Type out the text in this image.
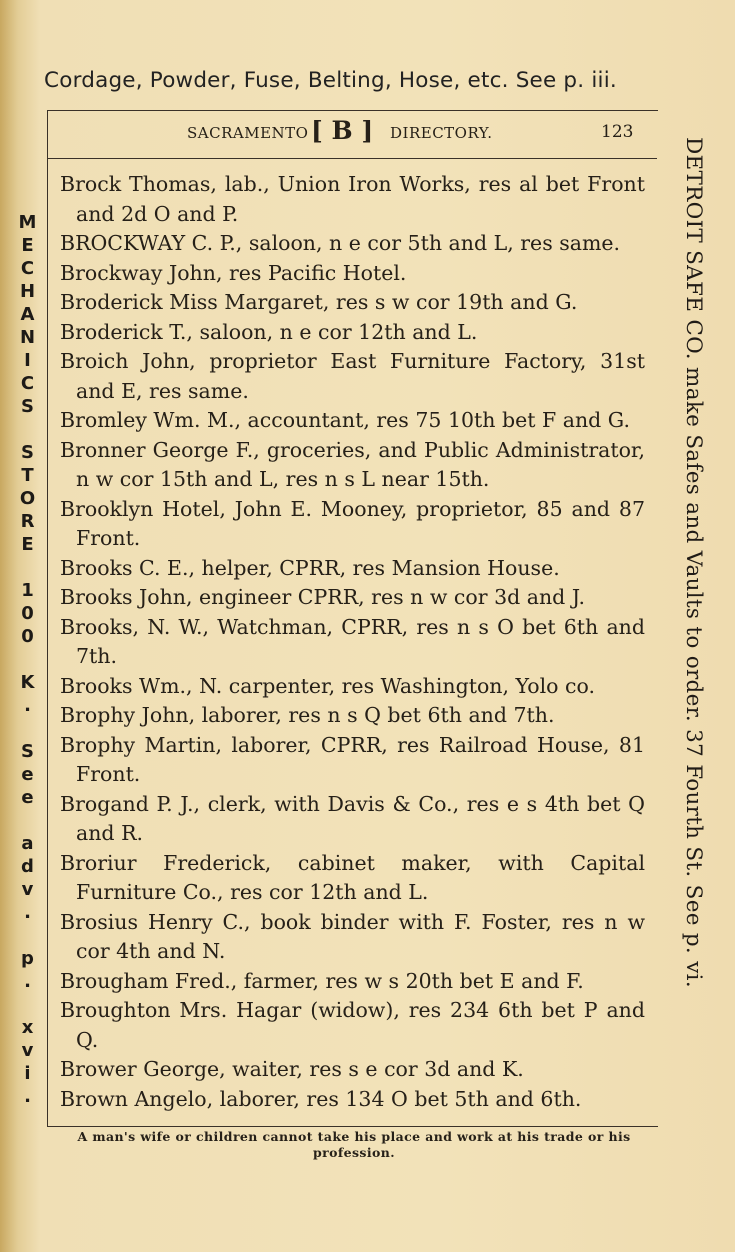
Cordage, Powder, Fuse, Belting, Hose, etc. See p. iii.
SACRAMENTO [ B ] DIRECTORY.	123
Brock Thomas, lab., Union Iron Works, res al bet Front and 2d O and P.
BROCKWAY C. P., saloon, n e cor 5th and L, res same.
Brockway John, res Pacific Hotel.
Broderick Miss Margaret, res s w cor 19th and G.
Broderick T., saloon, n e cor 12th and L.
Broich John, proprietor East Furniture Factory, 31st and E, res same.
Bromley Wm. M., accountant, res 75 10th bet F and G.
Bronner George F., groceries, and Public Administrator, n w cor 15th and L, res n s L near 15th.
Brooklyn Hotel, John E. Mooney, proprietor, 85 and 87 Front.
Brooks C. E., helper, CPRR, res Mansion House.
Brooks John, engineer CPRR, res n w cor 3d and J.
Brooks, N. W., Watchman, CPRR, res n s O bet 6th and 7th.
Brooks Wm., N. carpenter, res Washington, Yolo co.
Brophy John, laborer, res n s Q bet 6th and 7th.
Brophy Martin, laborer, CPRR, res Railroad House, 81 Front.
Brogand P. J., clerk, with Davis & Co., res e s 4th bet Q and R.
Broriur Frederick, cabinet maker, with Capital Furniture Co., res cor 12th and L.
Brosius Henry C., book binder with F. Foster, res n w cor 4th and N.
Brougham Fred., farmer, res w s 20th bet E and F.
Broughton Mrs. Hagar (widow), res 234 6th bet P and Q.
Brower George, waiter, res s e cor 3d and K.
Brown Angelo, laborer, res 134 O bet 5th and 6th.
A man's wife or children cannot take his place and work at his trade or his profession.
MECHANICS STORE 100 K. See adv. p. xvi.	DETROIT SAFE CO. make Safes and Vaults to order. 37 Fourth St. See p. vi.
